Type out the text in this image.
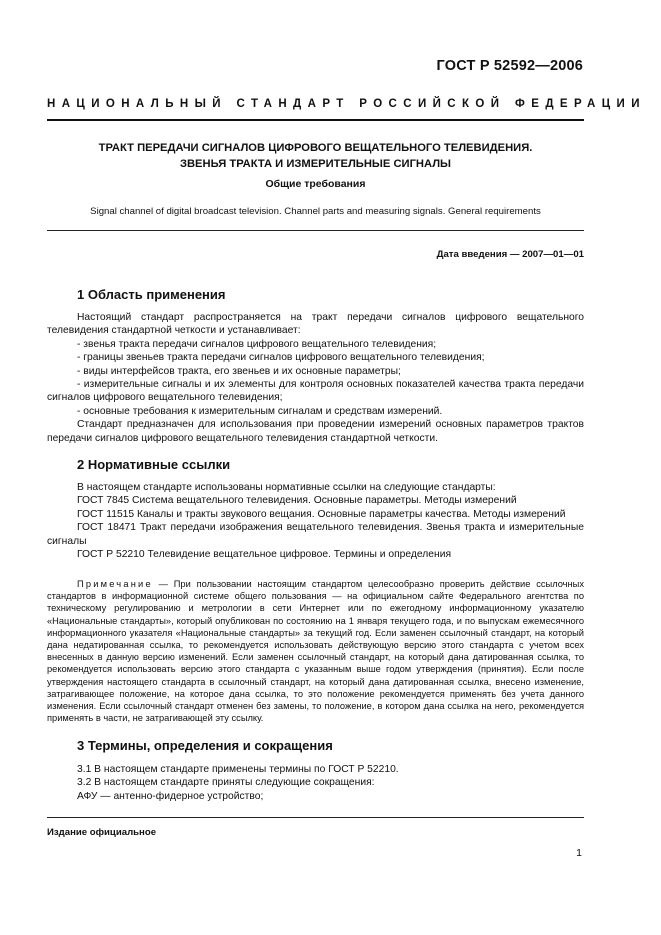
ГОСТ Р 52592—2006
НАЦИОНАЛЬНЫЙ СТАНДАРТ РОССИЙСКОЙ ФЕДЕРАЦИИ
ТРАКТ ПЕРЕДАЧИ СИГНАЛОВ ЦИФРОВОГО ВЕЩАТЕЛЬНОГО ТЕЛЕВИДЕНИЯ.
ЗВЕНЬЯ ТРАКТА И ИЗМЕРИТЕЛЬНЫЕ СИГНАЛЫ
Общие требования
Signal channel of digital broadcast television. Channel parts and measuring signals. General requirements
Дата введения — 2007—01—01
1 Область применения

Настоящий стандарт распространяется на тракт передачи сигналов цифрового вещательного телевидения стандартной четкости и устанавливает:

- звенья тракта передачи сигналов цифрового вещательного телевидения;

- границы звеньев тракта передачи сигналов цифрового вещательного телевидения;

- виды интерфейсов тракта, его звеньев и их основные параметры;

- измерительные сигналы и их элементы для контроля основных показателей качества тракта передачи сигналов цифрового вещательного телевидения;

- основные требования к измерительным сигналам и средствам измерений.

Стандарт предназначен для использования при проведении измерений основных параметров трактов передачи сигналов цифрового вещательного телевидения стандартной четкости.

2 Нормативные ссылки

В настоящем стандарте использованы нормативные ссылки на следующие стандарты:

ГОСТ 7845 Система вещательного телевидения. Основные параметры. Методы измерений

ГОСТ 11515 Каналы и тракты звукового вещания. Основные параметры качества. Методы измерений

ГОСТ 18471 Тракт передачи изображения вещательного телевидения. Звенья тракта и измерительные сигналы

ГОСТ Р 52210 Телевидение вещательное цифровое. Термины и определения

Примечание — При пользовании настоящим стандартом целесообразно проверить действие ссылочных стандартов в информационной системе общего пользования — на официальном сайте Федерального агентства по техническому регулированию и метрологии в сети Интернет или по ежегодному информационному указателю «Национальные стандарты», который опубликован по состоянию на 1 января текущего года, и по выпускам ежемесячного информационного указателя «Национальные стандарты» за текущий год. Если заменен ссылочный стандарт, на который дана недатированная ссылка, то рекомендуется использовать действующую версию этого стандарта с учетом всех внесенных в данную версию изменений. Если заменен ссылочный стандарт, на который дана датированная ссылка, то рекомендуется использовать версию этого стандарта с указанным выше годом утверждения (принятия). Если после утверждения настоящего стандарта в ссылочный стандарт, на который дана датированная ссылка, внесено изменение, затрагивающее положение, на которое дана ссылка, то это положение рекомендуется применять без учета данного изменения. Если ссылочный стандарт отменен без замены, то положение, в котором дана ссылка на него, рекомендуется применять в части, не затрагивающей эту ссылку.
3 Термины, определения и сокращения

3.1 В настоящем стандарте применены термины по ГОСТ Р 52210.

3.2 В настоящем стандарте приняты следующие сокращения:

АФУ — антенно-фидерное устройство;

Издание официальное
1
